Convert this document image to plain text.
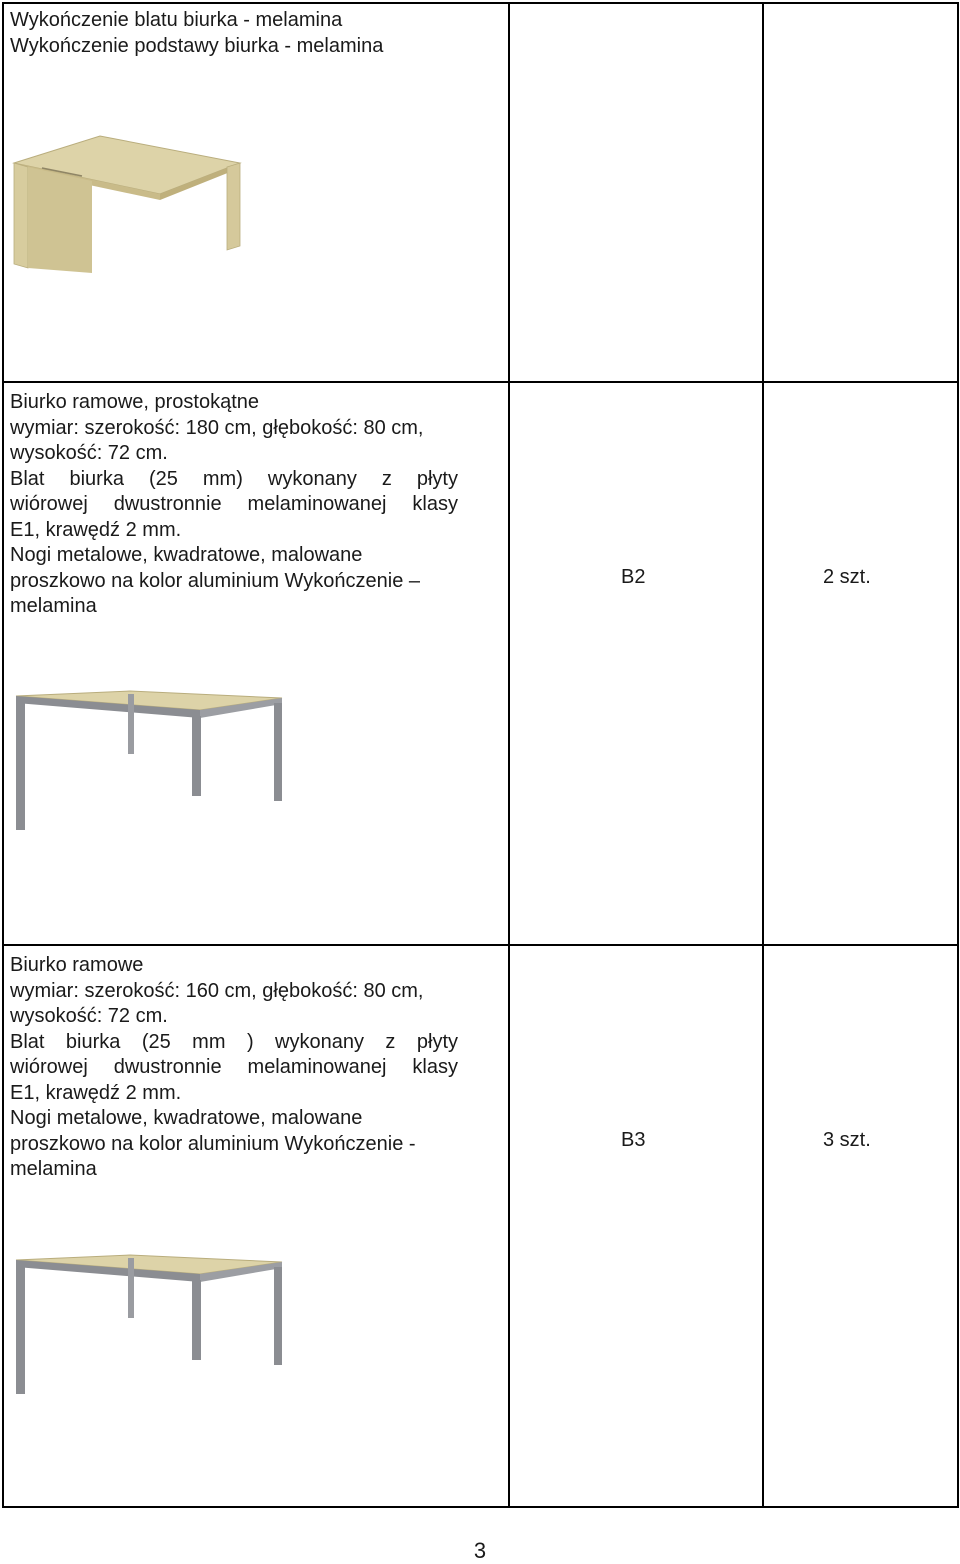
Wykończenie blatu biurka - melamina
Wykończenie podstawy biurka - melamina
Biurko ramowe, prostokątne
wymiar: szerokość: 180 cm, głębokość: 80 cm,
wysokość: 72 cm.
Blat biurka (25 mm) wykonany z płyty
wiórowej dwustronnie melaminowanej klasy
E1, krawędź 2 mm.
Nogi metalowe, kwadratowe, malowane
proszkowo na kolor aluminium Wykończenie –
melamina
B2	2 szt.
Biurko ramowe
wymiar: szerokość: 160 cm, głębokość: 80 cm,
wysokość: 72 cm.
Blat biurka (25 mm ) wykonany z płyty
wiórowej dwustronnie melaminowanej klasy
E1, krawędź 2 mm.
Nogi metalowe, kwadratowe, malowane
proszkowo na kolor aluminium Wykończenie -
melamina
B3	3 szt.
3
